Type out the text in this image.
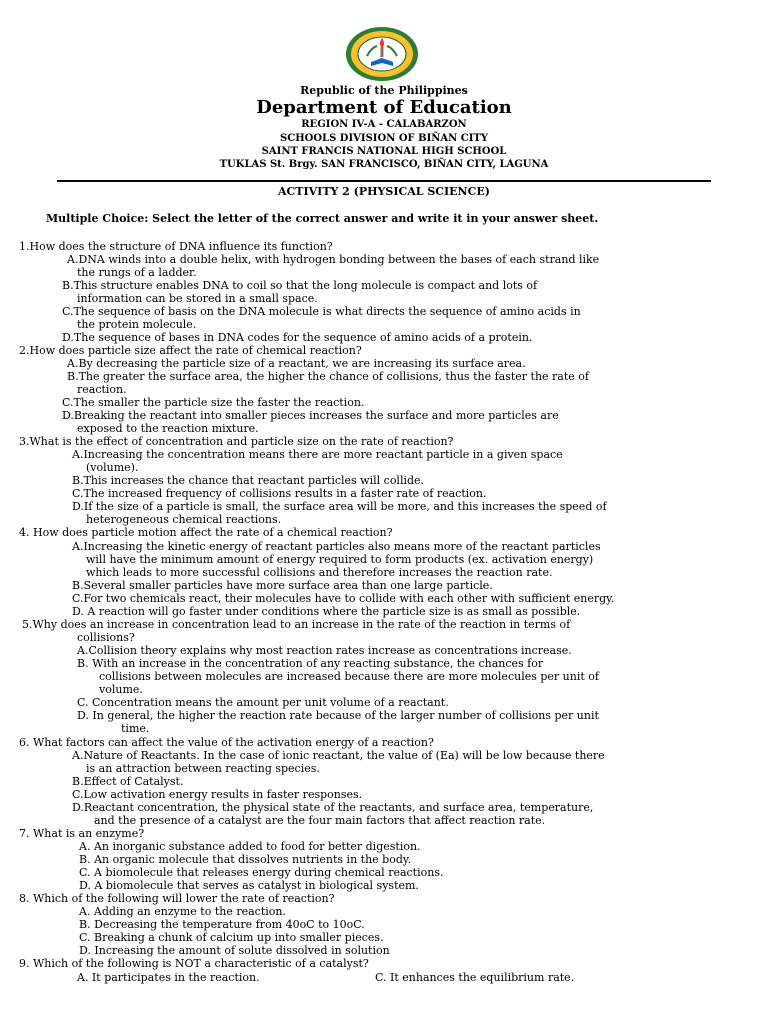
Republic of the Philippines
Department of Education
REGION IV-A - CALABARZON
SCHOOLS DIVISION OF BIÑAN CITY
SAINT FRANCIS NATIONAL HIGH SCHOOL
TUKLAS St. Brgy. SAN FRANCISCO, BIÑAN CITY, LAGUNA
ACTIVITY 2 (PHYSICAL SCIENCE)
Multiple Choice: Select the letter of the correct answer and write it in your answer sheet.
1.How does the structure of DNA influence its function?
A.DNA winds into a double helix, with hydrogen bonding between the bases of each strand like
the rungs of a ladder.
B.This structure enables DNA to coil so that the long molecule is compact and lots of
information can be stored in a small space.
C.The sequence of basis on the DNA molecule is what directs the sequence of amino acids in
the protein molecule.
D.The sequence of bases in DNA codes for the sequence of amino acids of a protein.
2.How does particle size affect the rate of chemical reaction?
A.By decreasing the particle size of a reactant, we are increasing its surface area.
B.The greater the surface area, the higher the chance of collisions, thus the faster the rate of
reaction.
C.The smaller the particle size the faster the reaction.
D.Breaking the reactant into smaller pieces increases the surface and more particles are
exposed to the reaction mixture.
3.What is the effect of concentration and particle size on the rate of reaction?
A.Increasing the concentration means there are more reactant particle in a given space
(volume).
B.This increases the chance that reactant particles will collide.
C.The increased frequency of collisions results in a faster rate of reaction.
D.If the size of a particle is small, the surface area will be more, and this increases the speed of
heterogeneous chemical reactions.
4. How does particle motion affect the rate of a chemical reaction?
A.Increasing the kinetic energy of reactant particles also means more of the reactant particles
will have the minimum amount of energy required to form products (ex. activation energy)
which leads to more successful collisions and therefore increases the reaction rate.
B.Several smaller particles have more surface area than one large particle.
C.For two chemicals react, their molecules have to collide with each other with sufficient energy.
D. A reaction will go faster under conditions where the particle size is as small as possible.
5.Why does an increase in concentration lead to an increase in the rate of the reaction in terms of
collisions?
A.Collision theory explains why most reaction rates increase as concentrations increase.
B. With an increase in the concentration of any reacting substance, the chances for
collisions between molecules are increased because there are more molecules per unit of
volume.
C. Concentration means the amount per unit volume of a reactant.
D. In general, the higher the reaction rate because of the larger number of collisions per unit
time.
6. What factors can affect the value of the activation energy of a reaction?
A.Nature of Reactants. In the case of ionic reactant, the value of (Ea) will be low because there
is an attraction between reacting species.
B.Effect of Catalyst.
C.Low activation energy results in faster responses.
D.Reactant concentration, the physical state of the reactants, and surface area, temperature,
and the presence of a catalyst are the four main factors that affect reaction rate.
7. What is an enzyme?
A. An inorganic substance added to food for better digestion.
B. An organic molecule that dissolves nutrients in the body.
C. A biomolecule that releases energy during chemical reactions.
D. A biomolecule that serves as catalyst in biological system.
8. Which of the following will lower the rate of reaction?
A. Adding an enzyme to the reaction.
B. Decreasing the temperature from 40oC to 10oC.
C. Breaking a chunk of calcium up into smaller pieces.
D. Increasing the amount of solute dissolved in solution
9. Which of the following is NOT a characteristic of a catalyst?
A. It participates in the reaction.	C. It enhances the equilibrium rate.
